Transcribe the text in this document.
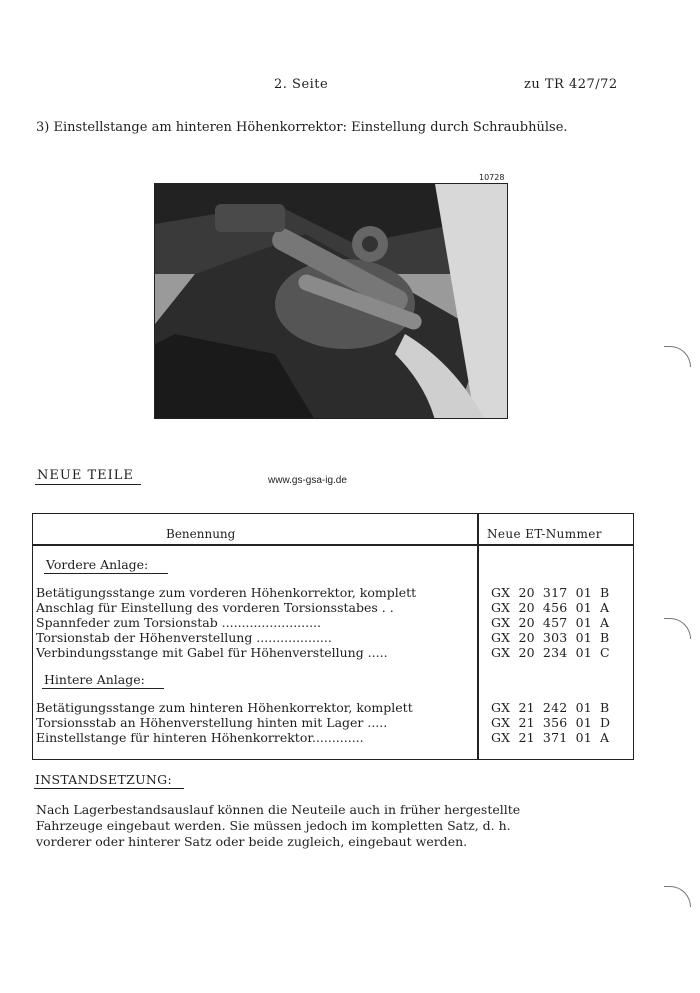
2. Seite	zu TR 427/72
3) Einstellstange am hinteren Höhenkorrektor: Einstellung durch Schraubhülse.
10728
NEUE TEILE	www.gs-gsa-ig.de
Benennung	Neue ET-Nummer
Vordere Anlage:
Betätigungsstange zum vorderen Höhenkorrektor, komplett	GX 20 317 01 B
Anschlag für Einstellung des vorderen Torsionsstabes . .	GX 20 456 01 A
Spannfeder zum Torsionstab .........................	GX 20 457 01 A
Torsionstab der Höhenverstellung ...................	GX 20 303 01 B
Verbindungsstange mit Gabel für Höhenverstellung .....	GX 20 234 01 C
Hintere Anlage:
Betätigungsstange zum hinteren Höhenkorrektor, komplett	GX 21 242 01 B
Torsionsstab an Höhenverstellung hinten mit Lager .....	GX 21 356 01 D
Einstellstange für hinteren Höhenkorrektor.............	GX 21 371 01 A
INSTANDSETZUNG:
Nach Lagerbestandsauslauf können die Neuteile auch in früher hergestellte
Fahrzeuge eingebaut werden. Sie müssen jedoch im kompletten Satz, d. h.
vorderer oder hinterer Satz oder beide zugleich, eingebaut werden.
